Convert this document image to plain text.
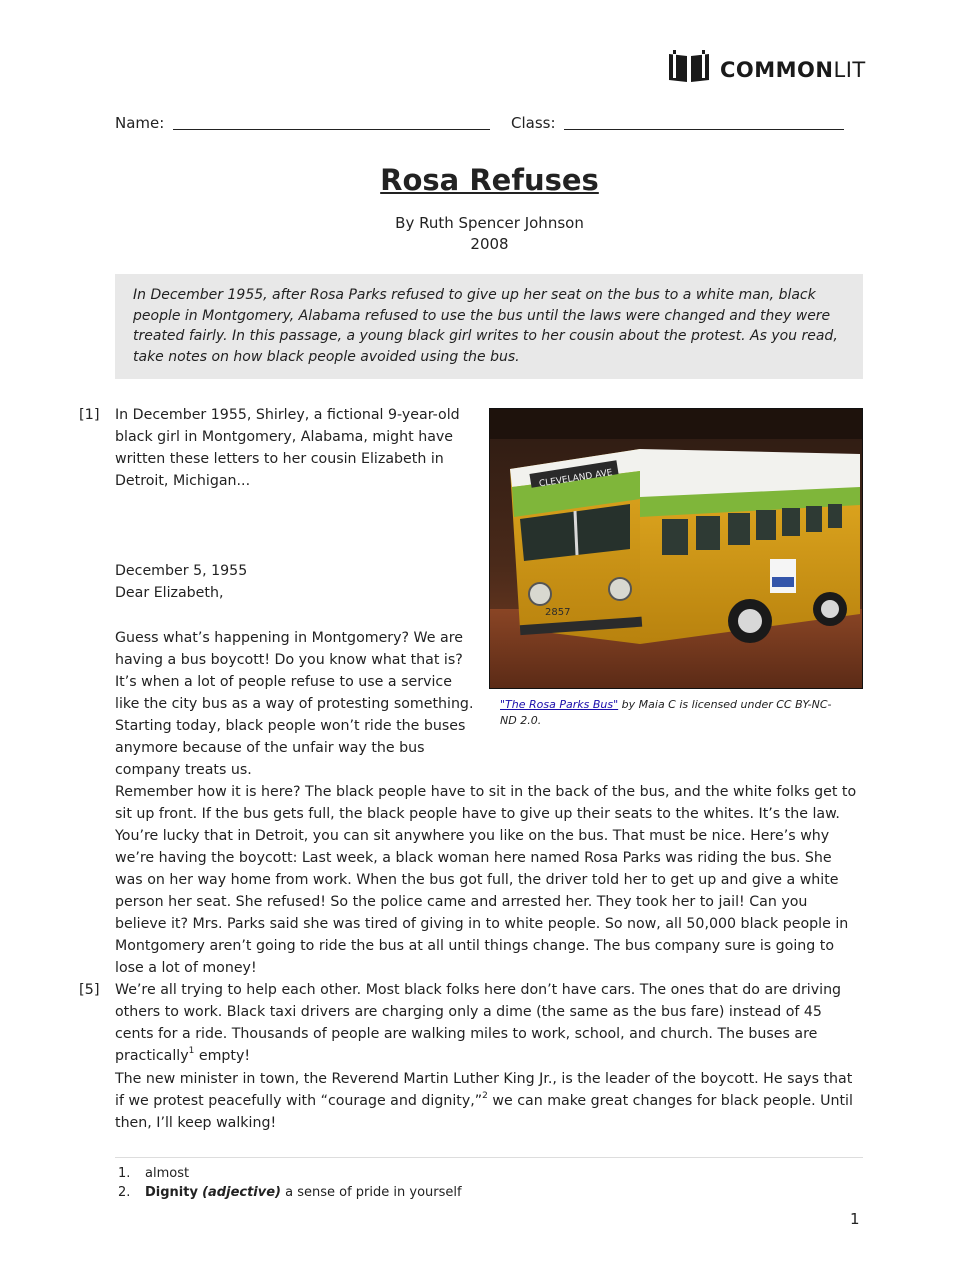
COMMONLIT
Name:	Class:
Rosa Refuses
By Ruth Spencer Johnson
2008
In December 1955, after Rosa Parks refused to give up her seat on the bus to a white man, black people in Montgomery, Alabama refused to use the bus until the laws were changed and they were treated fairly. In this passage, a young black girl writes to her cousin about the protest. As you read, take notes on how black people avoided using the bus.
[1] In December 1955, Shirley, a fictional 9-year-old black girl in Montgomery, Alabama, might have written these letters to her cousin Elizabeth in Detroit, Michigan...
December 5, 1955
Dear Elizabeth,
Guess what’s happening in Montgomery? We are having a bus boycott! Do you know what that is? It’s when a lot of people refuse to use a service like the city bus as a way of protesting something. Starting today, black people won’t ride the buses anymore because of the unfair way the bus company treats us.
CLEVELAND AVE
2857
"The Rosa Parks Bus" by Maia C is licensed under CC BY-NC-ND 2.0.
Remember how it is here? The black people have to sit in the back of the bus, and the white folks get to sit up front. If the bus gets full, the black people have to give up their seats to the whites. It’s the law. You’re lucky that in Detroit, you can sit anywhere you like on the bus. That must be nice. Here’s why we’re having the boycott: Last week, a black woman here named Rosa Parks was riding the bus. She was on her way home from work. When the bus got full, the driver told her to get up and give a white person her seat. She refused! So the police came and arrested her. They took her to jail! Can you believe it? Mrs. Parks said she was tired of giving in to white people. So now, all 50,000 black people in Montgomery aren’t going to ride the bus at all until things change. The bus company sure is going to lose a lot of money!
[5] We’re all trying to help each other. Most black folks here don’t have cars. The ones that do are driving others to work. Black taxi drivers are charging only a dime (the same as the bus fare) instead of 45 cents for a ride. Thousands of people are walking miles to work, school, and church. The buses are practically$^1$ empty!
The new minister in town, the Reverend Martin Luther King Jr., is the leader of the boycott. He says that if we protest peacefully with “courage and dignity,”$^2$ we can make great changes for black people. Until then, I’ll keep walking!
1.	almost
2.	Dignity (adjective) a sense of pride in yourself
1
